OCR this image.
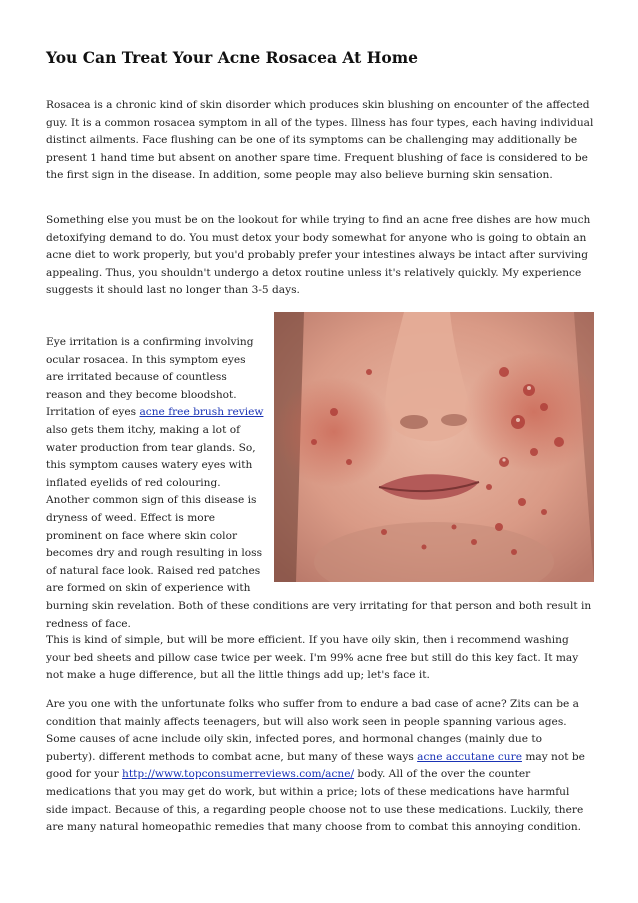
You Can Treat Your Acne Rosacea At Home

Rosacea is a chronic kind of skin disorder which produces skin blushing on encounter of the affected guy. It is a common rosacea symptom in all of the types. Illness has four types, each having individual distinct ailments. Face flushing can be one of its symptoms can be challenging may additionally be present 1 hand time but absent on another spare time. Frequent blushing of face is considered to be the first sign in the disease. In addition, some people may also believe burning skin sensation.

Something else you must be on the lookout for while trying to find an acne free dishes are how much detoxifying demand to do. You must detox your body somewhat for anyone who is going to obtain an acne diet to work properly, but you'd probably prefer your intestines always be intact after surviving appealing. Thus, you shouldn't undergo a detox routine unless it's relatively quickly. My experience suggests it should last no longer than 3-5 days.

Eye irritation is a confirming involving ocular rosacea. In this symptom eyes are irritated because of countless reason and they become bloodshot. Irritation of eyes acne free brush review also gets them itchy, making a lot of water production from tear glands. So, this symptom causes watery eyes with inflated eyelids of red colouring. Another common sign of this disease is dryness of weed. Effect is more prominent on face where skin color becomes dry and rough resulting in loss of natural face look. Raised red patches are formed on skin of experience with burning skin revelation. Both of these conditions are very irritating for that person and both result in redness of face.

This is kind of simple, but will be more efficient. If you have oily skin, then i recommend washing your bed sheets and pillow case twice per week. I'm 99% acne free but still do this key fact. It may not make a huge difference, but all the little things add up; let's face it.

Are you one with the unfortunate folks who suffer from to endure a bad case of acne? Zits can be a condition that mainly affects teenagers, but will also work seen in people spanning various ages. Some causes of acne include oily skin, infected pores, and hormonal changes (mainly due to puberty). different methods to combat acne, but many of these ways acne accutane cure may not be good for your http://www.topconsumerreviews.com/acne/ body. All of the over the counter medications that you may get do work, but within a price; lots of these medications have harmful side impact. Because of this, a regarding people choose not to use these medications. Luckily, there are many natural homeopathic remedies that many choose from to combat this annoying condition.
